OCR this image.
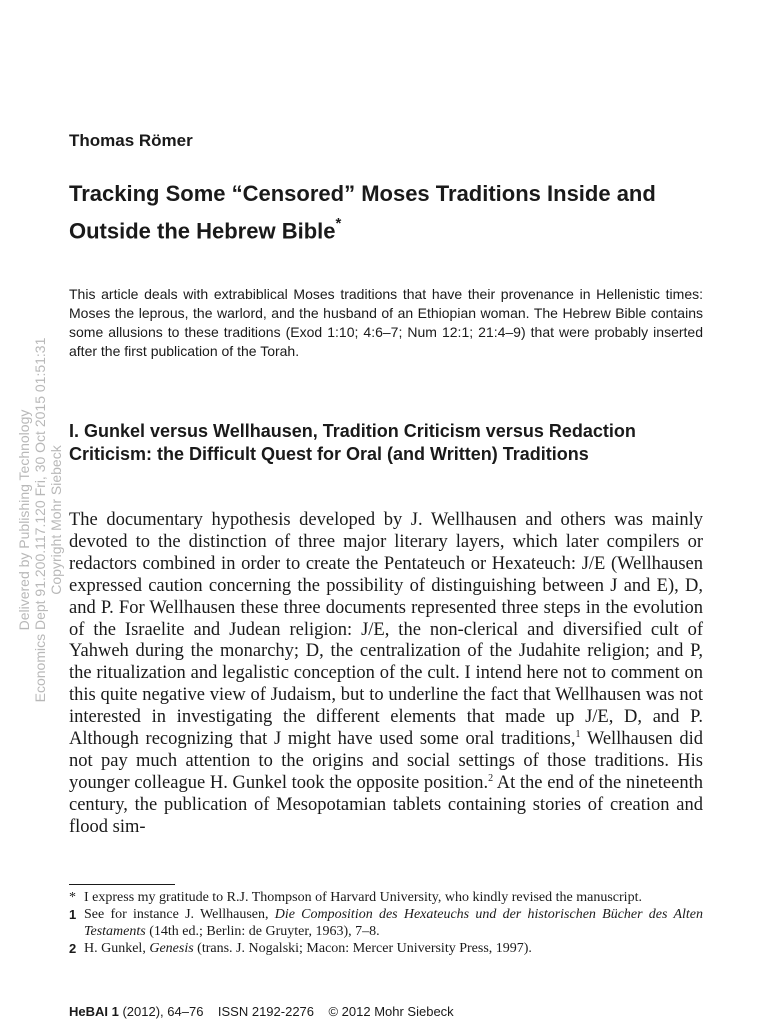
Delivered by Publishing Technology Economics Dept 91.200.117.120 Fri, 30 Oct 2015 01:51:31 Copyright Mohr Siebeck
Thomas Römer
Tracking Some “Censored” Moses Traditions Inside and Outside the Hebrew Bible*

This article deals with extrabiblical Moses traditions that have their provenance in Hellenistic times: Moses the leprous, the warlord, and the husband of an Ethiopian woman. The Hebrew Bible contains some allusions to these traditions (Exod 1:10; 4:6–7; Num 12:1; 21:4–9) that were probably inserted after the first publication of the Torah.

I. Gunkel versus Wellhausen, Tradition Criticism versus Redaction Criticism: the Difficult Quest for Oral (and Written) Traditions

The documentary hypothesis developed by J. Wellhausen and others was mainly devoted to the distinction of three major literary layers, which later compilers or redactors combined in order to create the Pentateuch or Hexateuch: J/E (Wellhausen expressed caution concerning the possibility of distinguishing between J and E), D, and P. For Wellhausen these three documents represented three steps in the evolution of the Israelite and Judean religion: J/E, the non-clerical and diversified cult of Yahweh during the monarchy; D, the centralization of the Judahite religion; and P, the ritualization and legalistic conception of the cult. I intend here not to comment on this quite negative view of Judaism, but to underline the fact that Wellhausen was not interested in investigating the different elements that made up J/E, D, and P. Although recognizing that J might have used some oral traditions,$^1$ Wellhausen did not pay much attention to the origins and social settings of those traditions. His younger colleague H. Gunkel took the opposite position.$^2$ At the end of the nineteenth century, the publication of Mesopotamian tablets containing stories of creation and flood sim-

* I express my gratitude to R.J. Thompson of Harvard University, who kindly revised the manuscript.
1 See for instance J. Wellhausen, Die Composition des Hexateuchs und der historischen Bücher des Alten Testaments (14th ed.; Berlin: de Gruyter, 1963), 7–8.
2 H. Gunkel, Genesis (trans. J. Nogalski; Macon: Mercer University Press, 1997).
HeBAI 1 (2012), 64–76 ISSN 2192-2276 © 2012 Mohr Siebeck
